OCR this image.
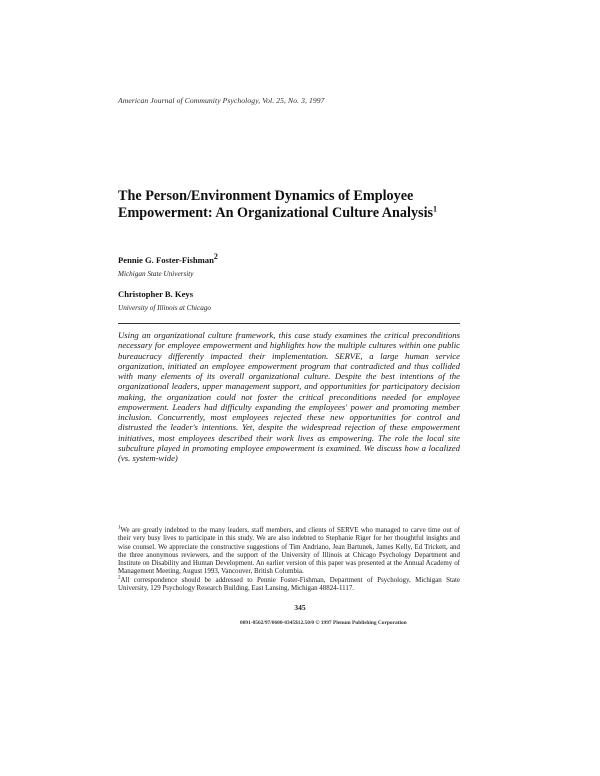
American Journal of Community Psychology, Vol. 25, No. 3, 1997
The Person/Environment Dynamics of Employee Empowerment: An Organizational Culture Analysis$^1$
Pennie G. Foster-Fishman$^2$
Michigan State University
Christopher B. Keys
University of Illinois at Chicago
Using an organizational culture framework, this case study examines the critical preconditions necessary for employee empowerment and highlights how the multiple cultures within one public bureaucracy differently impacted their implementation. SERVE, a large human service organization, initiated an employee empowerment program that contradicted and thus collided with many elements of its overall organizational culture. Despite the best intentions of the organizational leaders, upper management support, and opportunities for participatory decision making, the organization could not foster the critical preconditions needed for employee empowerment. Leaders had difficulty expanding the employees' power and promoting member inclusion. Concurrently, most employees rejected these new opportunities for control and distrusted the leader's intentions. Yet, despite the widespread rejection of these empowerment initiatives, most employees described their work lives as empowering. The role the local site subculture played in promoting employee empowerment is examined. We discuss how a localized (vs. system-wide)

$^1$We are greatly indebted to the many leaders, staff members, and clients of SERVE who managed to carve time out of their very busy lives to participate in this study. We are also indebted to Stephanie Riger for her thoughtful insights and wise counsel. We appreciate the constructive suggestions of Tim Andriano, Jean Bartunek, James Kelly, Ed Trickett, and the three anonymous reviewers, and the support of the University of Illinois at Chicago Psychology Department and Institute on Disability and Human Development. An earlier version of this paper was presented at the Annual Academy of Management Meeting, August 1993, Vancouver, British Columbia.

$^2$All correspondence should be addressed to Pennie Foster-Fishman, Department of Psychology, Michigan State University, 129 Psychology Research Building, East Lansing, Michigan 48824-1117.

345
0091-0562/97/0600-0345$12.50/0 © 1997 Plenum Publishing Corporation
